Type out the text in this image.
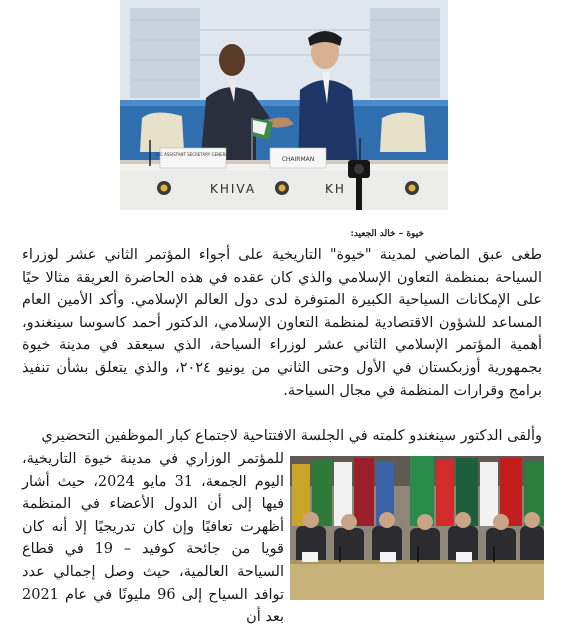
OIC ASSISTANT SECRETARY GENERAL
CHAIRMAN
KHIVA	KH
خيوة – خالد الجعيد:

طغى عبق الماضي لمدينة "خيوة" التاريخية على أجواء المؤتمر الثاني عشر لوزراء السياحة بمنظمة التعاون الإسلامي والذي كان عقده في هذه الحاضرة العريقة مثالا حيًا على الإمكانات السياحية الكبيرة المتوفرة لدى دول العالم الإسلامي. وأكد الأمين العام المساعد للشؤون الاقتصادية لمنظمة التعاون الإسلامي، الدكتور أحمد كاسوسا سينغندو، أهمية المؤتمر الإسلامي الثاني عشر لوزراء السياحة، الذي سيعقد في مدينة خيوة بجمهورية أوزبكستان في الأول وحتى الثاني من يونيو ٢٠٢٤، والذي يتعلق بشأن تنفيذ برامج وقرارات المنظمة في مجال السياحة.

وألقى الدكتور سينغندو كلمته في الجلسة الافتتاحية لاجتماع كبار الموظفين التحضيري

للمؤتمر الوزاري في مدينة خيوة التاريخية، اليوم الجمعة، 31 مايو 2024، حيث أشار فيها إلى أن الدول الأعضاء في المنظمة أظهرت تعافيًا وإن كان تدريجيًا إلا أنه كان قويا من جائحة كوفيد – 19 في قطاع السياحة العالمية، حيث وصل إجمالي عدد توافد السياح إلى 96 مليونًا في عام 2021 بعد أن
